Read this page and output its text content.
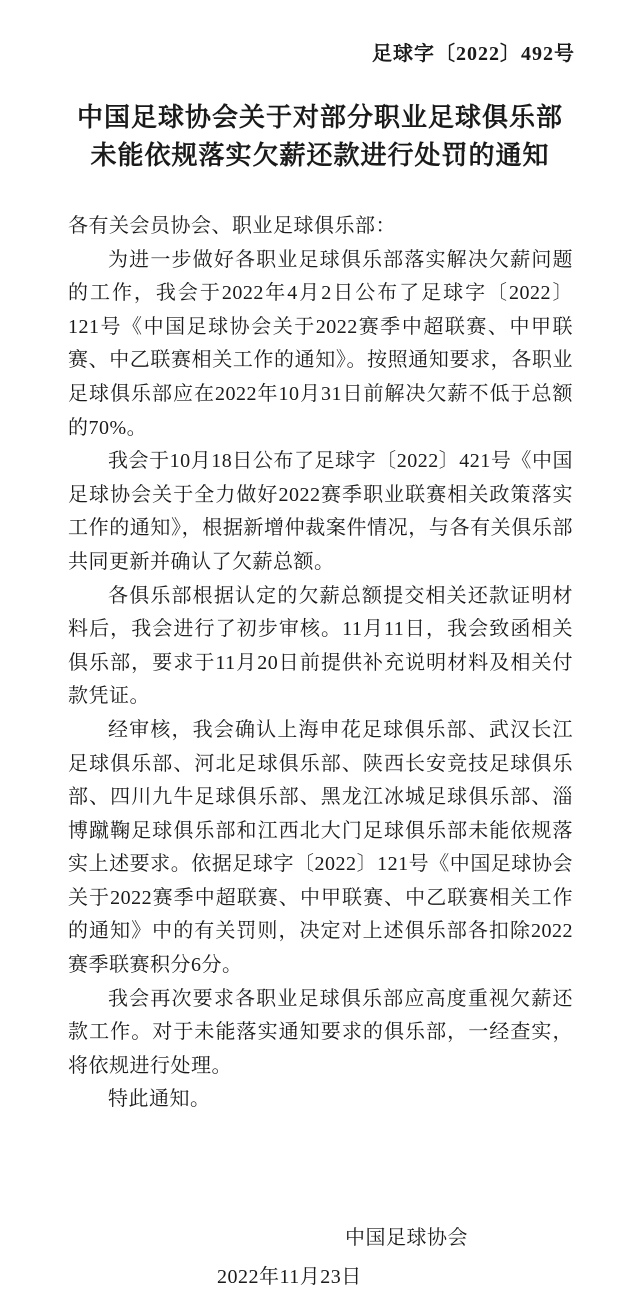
足球字〔2022〕492号
中国足球协会关于对部分职业足球俱乐部
未能依规落实欠薪还款进行处罚的通知

各有关会员协会、职业足球俱乐部：

为进一步做好各职业足球俱乐部落实解决欠薪问题的工作，我会于2022年4月2日公布了足球字〔2022〕121号《中国足球协会关于2022赛季中超联赛、中甲联赛、中乙联赛相关工作的通知》。按照通知要求，各职业足球俱乐部应在2022年10月31日前解决欠薪不低于总额的70%。

我会于10月18日公布了足球字〔2022〕421号《中国足球协会关于全力做好2022赛季职业联赛相关政策落实工作的通知》，根据新增仲裁案件情况，与各有关俱乐部共同更新并确认了欠薪总额。

各俱乐部根据认定的欠薪总额提交相关还款证明材料后，我会进行了初步审核。11月11日，我会致函相关俱乐部，要求于11月20日前提供补充说明材料及相关付款凭证。

经审核，我会确认上海申花足球俱乐部、武汉长江足球俱乐部、河北足球俱乐部、陕西长安竞技足球俱乐部、四川九牛足球俱乐部、黑龙江冰城足球俱乐部、淄博蹴鞠足球俱乐部和江西北大门足球俱乐部未能依规落实上述要求。依据足球字〔2022〕121号《中国足球协会关于2022赛季中超联赛、中甲联赛、中乙联赛相关工作的通知》中的有关罚则，决定对上述俱乐部各扣除2022赛季联赛积分6分。

我会再次要求各职业足球俱乐部应高度重视欠薪还款工作。对于未能落实通知要求的俱乐部，一经查实，将依规进行处理。

特此通知。

中国足球协会
2022年11月23日
